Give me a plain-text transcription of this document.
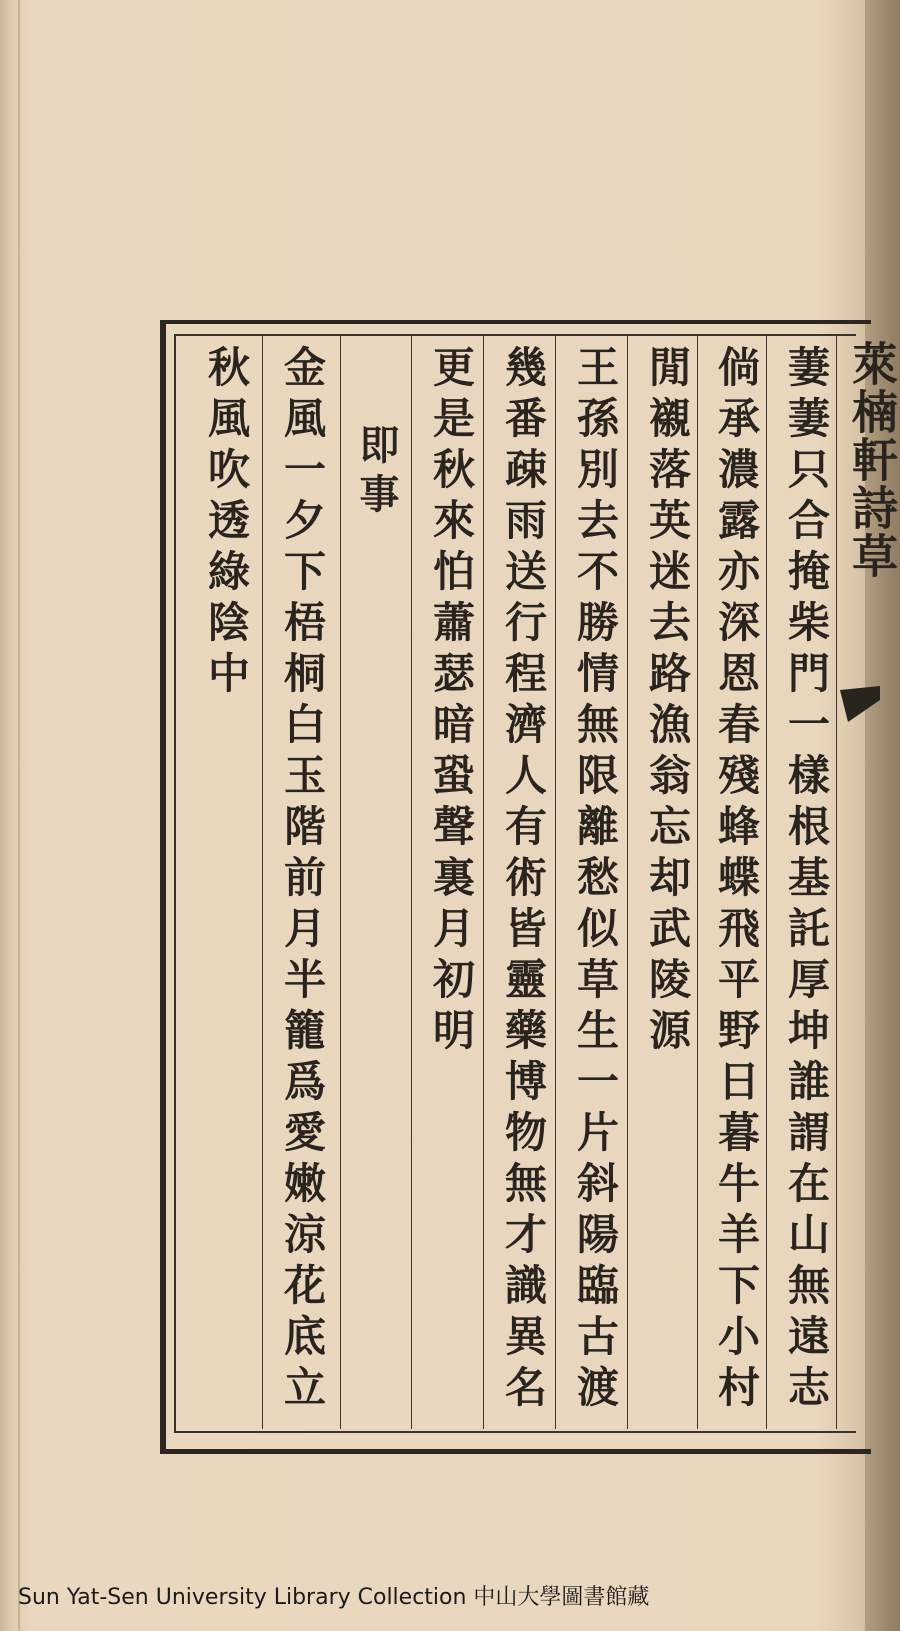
萋萋只合掩柴門一樣根基託厚坤誰謂在山無遠志
倘承濃露亦深恩春殘蜂蝶飛平野日暮牛羊下小村
閒襯落英迷去路漁翁忘却武陵源
王孫別去不勝情無限離愁似草生一片斜陽臨古渡
幾番疎雨送行程濟人有術皆靈藥博物無才識異名
更是秋來怕蕭瑟暗蛩聲裏月初明
即事
金風一夕下梧桐白玉階前月半籠爲愛嫩涼花底立
秋風吹透綠陰中	萊楠軒詩草
Sun Yat-Sen University Library Collection 中山大學圖書館藏
